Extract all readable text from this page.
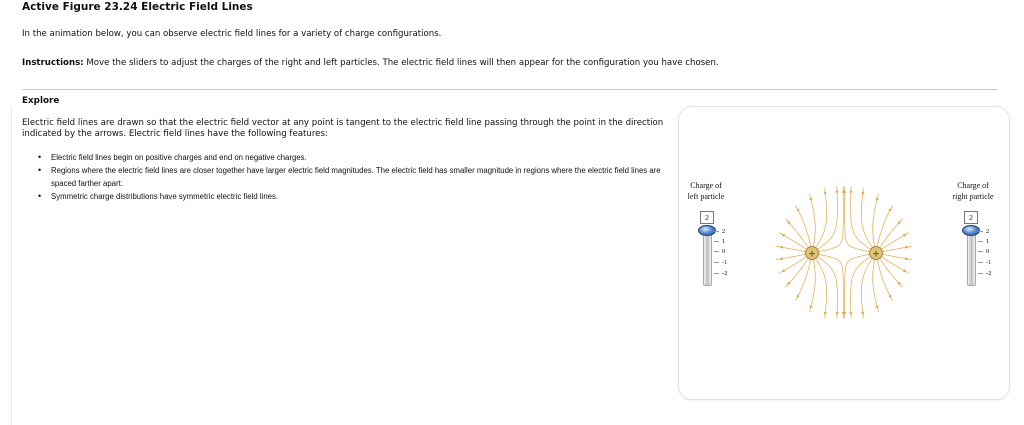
Active Figure 23.24 Electric Field Lines
In the animation below, you can observe electric field lines for a variety of charge configurations.
Instructions: Move the sliders to adjust the charges of the right and left particles. The electric field lines will then appear for the configuration you have chosen.
Explore
Electric field lines are drawn so that the electric field vector at any point is tangent to the electric field line passing through the point in the direction indicated by the arrows. Electric field lines have the following features:
• Electric field lines begin on positive charges and end on negative charges.
• Regions where the electric field lines are closer together have larger electric field magnitudes. The electric field has smaller magnitude in regions where the electric field lines are spaced farther apart.
• Symmetric charge distributions have symmetric electric field lines.
Charge of
left particle
2
2
1
0
-1
-2
Charge of
right particle
2
2
1
0
-1
-2
+	+
